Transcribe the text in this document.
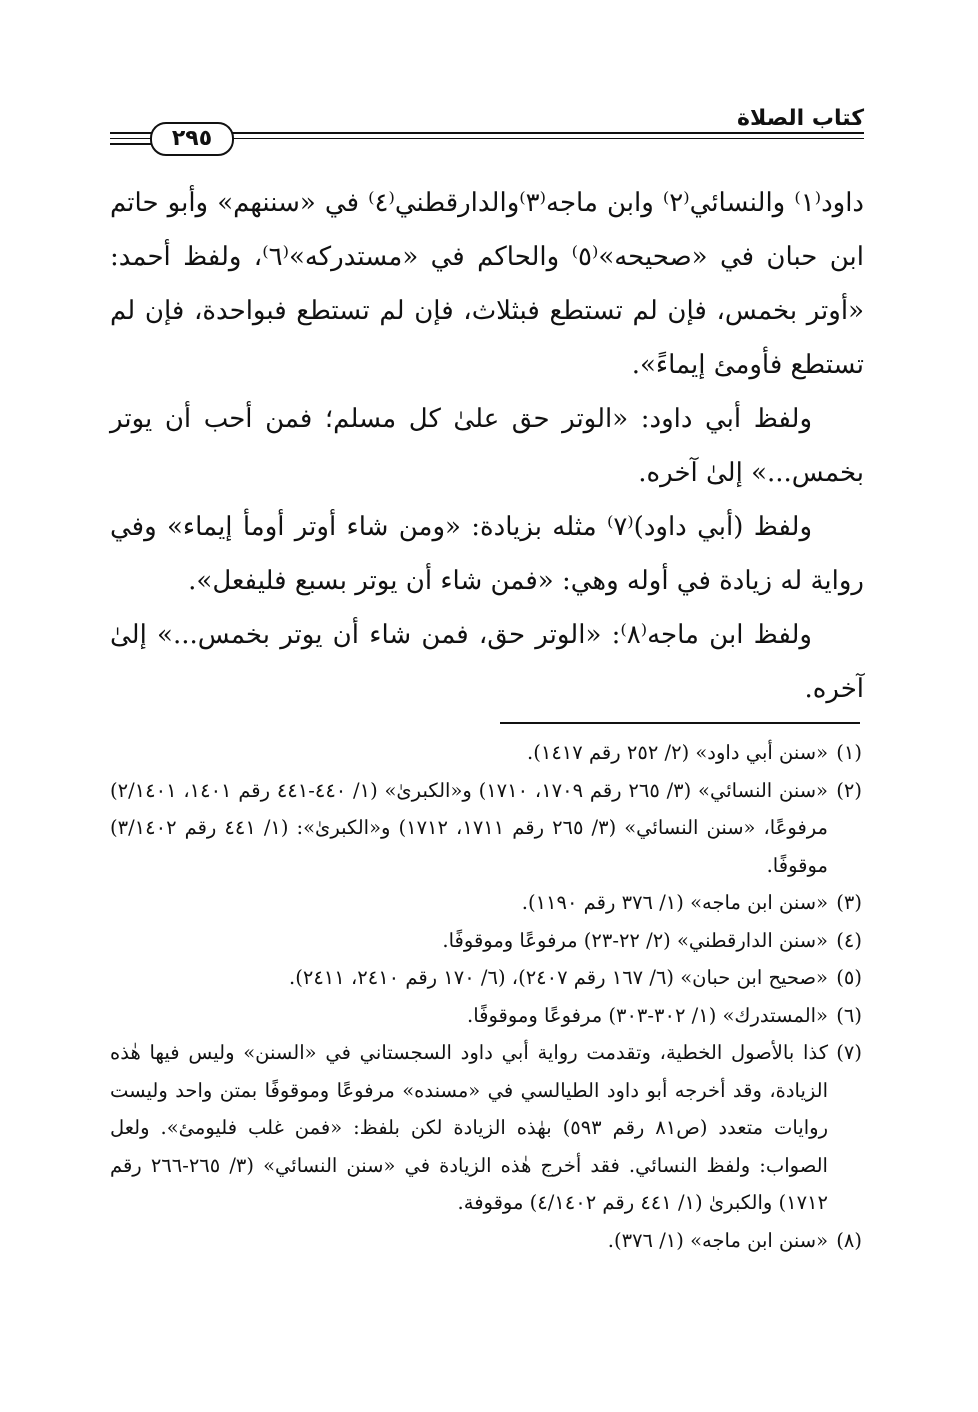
كتاب الصلاة
٢٩٥

داود⁽١⁾ والنسائي⁽٢⁾ وابن ماجه⁽٣⁾والدارقطني⁽٤⁾ في «سننهم» وأبو حاتم ابن حبان في «صحيحه»⁽٥⁾ والحاكم في «مستدركه»⁽٦⁾، ولفظ أحمد: «أوتر بخمس، فإن لم تستطع فبثلاث، فإن لم تستطع فبواحدة، فإن لم تستطع فأومئ إيماءً».

ولفظ أبي داود: «الوتر حق علىٰ كل مسلم؛ فمن أحب أن يوتر بخمس...» إلىٰ آخره.

ولفظ (أبي داود)⁽٧⁾ مثله بزيادة: «ومن شاء أوتر أومأ إيماء» وفي رواية له زيادة في أوله وهي: «فمن شاء أن يوتر بسبع فليفعل».

ولفظ ابن ماجه⁽٨⁾: «الوتر حق، فمن شاء أن يوتر بخمس...» إلىٰ آخره.

(١)«سنن أبي داود» (٢/ ٢٥٢ رقم ١٤١٧).

(٢)«سنن النسائي» (٣/ ٢٦٥ رقم ١٧٠٩، ١٧١٠) و«الكبرىٰ» (١/ ٤٤٠-٤٤١ رقم ١٤٠١، ٢/١٤٠١) مرفوعًا، «سنن النسائي» (٣/ ٢٦٥ رقم ١٧١١، ١٧١٢) و«الكبرىٰ»: (١/ ٤٤١ رقم ٣/١٤٠٢) موقوفًا.

(٣)«سنن ابن ماجه» (١/ ٣٧٦ رقم ١١٩٠).

(٤)«سنن الدارقطني» (٢/ ٢٢-٢٣) مرفوعًا وموقوفًا.

(٥)«صحيح ابن حبان» (٦/ ١٦٧ رقم ٢٤٠٧)، (٦/ ١٧٠ رقم ٢٤١٠، ٢٤١١).

(٦)«المستدرك» (١/ ٣٠٢-٣٠٣) مرفوعًا وموقوفًا.

(٧)كذا بالأصول الخطية، وتقدمت رواية أبي داود السجستاني في «السنن» وليس فيها هٰذه الزيادة، وقد أخرجه أبو داود الطيالسي في «مسنده» مرفوعًا وموقوفًا بمتن واحد وليست روايات متعدد (ص٨١ رقم ٥٩٣) بهٰذه الزيادة لكن بلفظ: «فمن غلب فليومئ». ولعل الصواب: ولفظ النسائي. فقد أخرج هٰذه الزيادة في «سنن النسائي» (٣/ ٢٦٥-٢٦٦ رقم ١٧١٢) والكبرىٰ (١/ ٤٤١ رقم ٤/١٤٠٢) موقوفة.

(٨)«سنن ابن ماجه» (١/ ٣٧٦).
